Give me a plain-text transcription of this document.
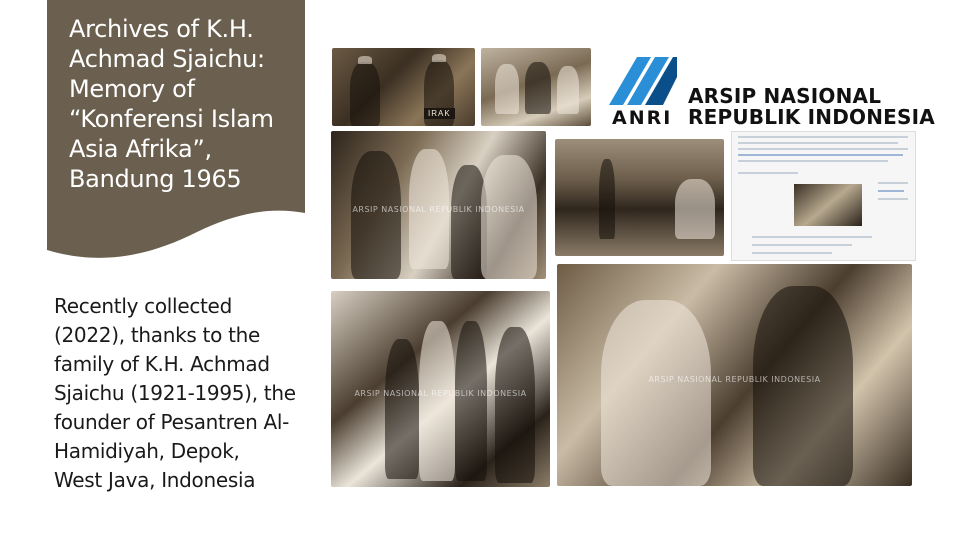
Archives of K.H.
Achmad Sjaichu:
Memory of
“Konferensi Islam
Asia Afrika”,
Bandung 1965
Recently collected
(2022), thanks to the
family of K.H. Achmad
Sjaichu (1921-1995), the
founder of Pesantren Al-
Hamidiyah, Depok,
West Java, Indonesia
IRAK	ANRI
ARSIP NASIONAL
REPUBLIK INDONESIA
ARSIP NASIONAL REPUBLIK INDONESIA
ARSIP NASIONAL REPUBLIK INDONESIA
ARSIP NASIONAL REPUBLIK INDONESIA
